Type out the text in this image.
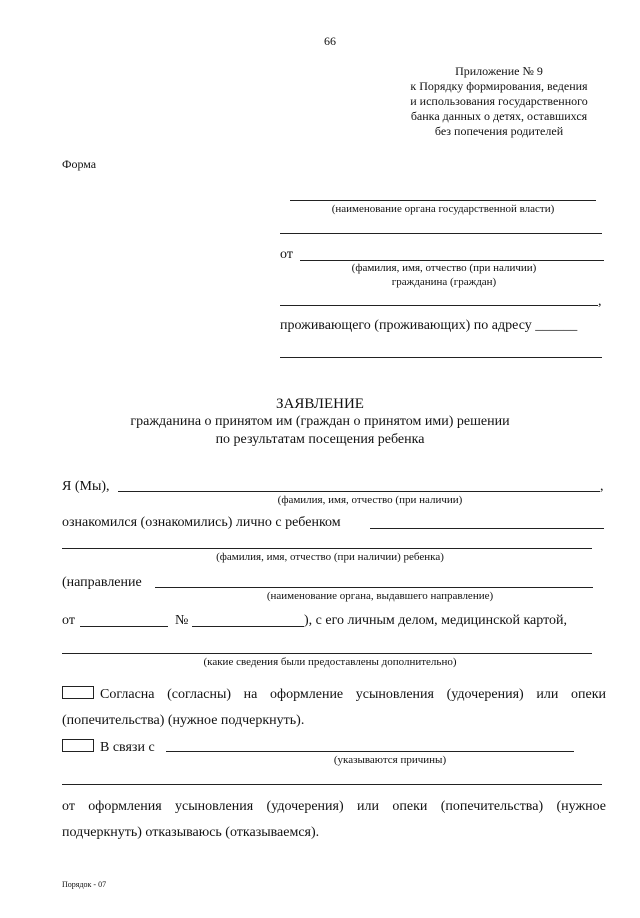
66
Приложение № 9
к Порядку формирования, ведения
и использования государственного
банка данных о детях, оставшихся
без попечения родителей
Форма
(наименование органа государственной власти)
от
(фамилия, имя, отчество (при наличии)
гражданина (граждан)
,
проживающего (проживающих) по адресу ______
ЗАЯВЛЕНИЕ
гражданина о принятом им (граждан о принятом ими) решении
по результатам посещения ребенка
Я (Мы),	,
(фамилия, имя, отчество (при наличии)
ознакомился (ознакомились) лично с ребенком
(фамилия, имя, отчество (при наличии) ребенка)
(направление
(наименование органа, выдавшего направление)
от	№	), с его личным делом, медицинской картой,
(какие сведения были предоставлены дополнительно)
Согласна (согласны) на оформление усыновления (удочерения) или опеки
(попечительства) (нужное подчеркнуть).
В связи с
(указываются причины)
от оформления усыновления (удочерения) или опеки (попечительства) (нужное
подчеркнуть) отказываюсь (отказываемся).
Порядок - 07
